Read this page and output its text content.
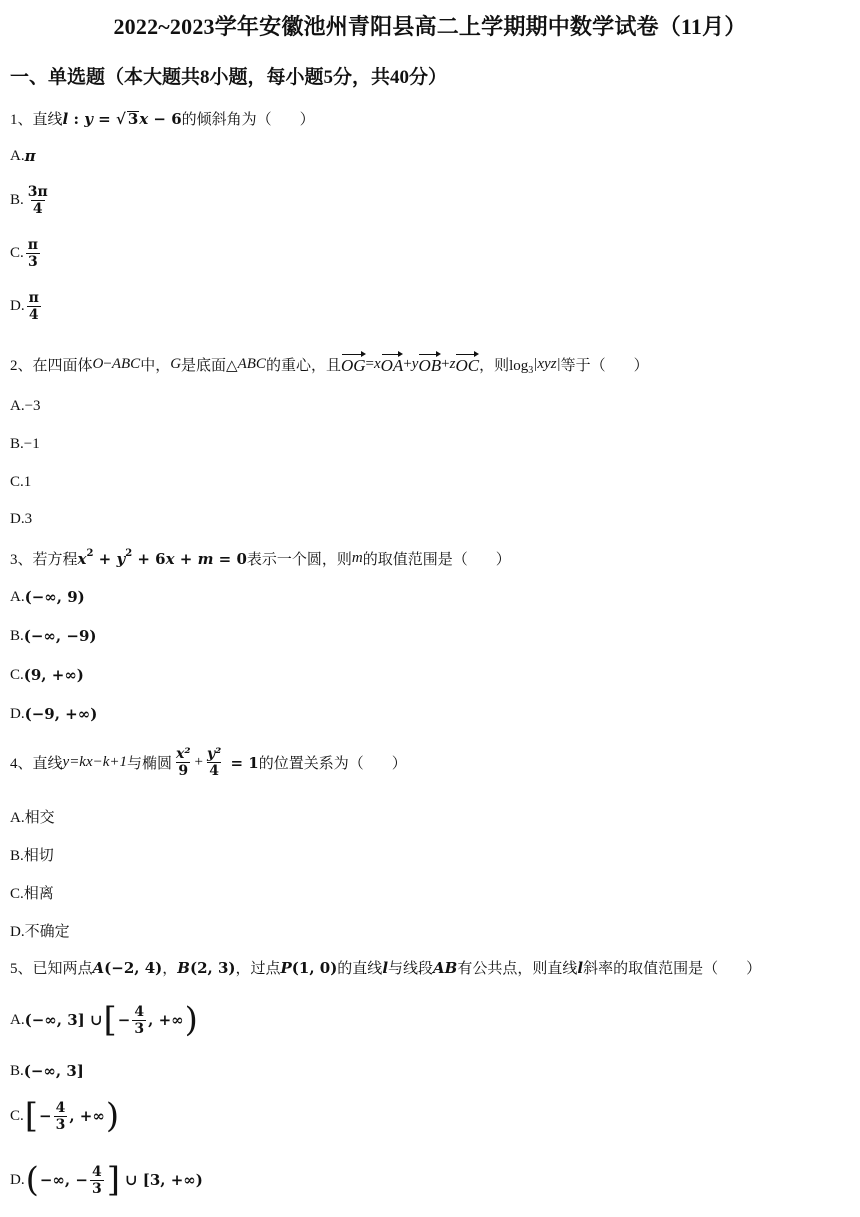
2022~2023学年安徽池州青阳县高二上学期期中数学试卷（11月）
一、单选题（本大题共8小题，每小题5分，共40分）
1、 直线 l : y = √ 3 x − 6 的倾斜角为（ ）
A. π
B. $\frac{3\pi}{4}$
C. $\frac{\pi}{3}$
D. $\frac{\pi}{4}$
2、 在四面体 O − ABC 中， G 是底面△ ABC 的重心，且 OG = x OA + y OB + z OC ，则$\log_3 |xyz|$ 等于（ ）
A.−3
B.−1
C.1
D.3
3、 若方程 $x^2 + y^2 + 6$ x + m = 0 表示一个圆，则 m 的取值范围是（ ）
A. (−∞, 9)
B. (−∞, −9)
C. (9, +∞)
D. (−9, +∞)
4、 直线 y=kx−k+1 与椭圆 $\frac{\text{x²}}{9} + \frac{\text{y²}}{4} = 1$ 的位置关系为（ ）
A.相交
B.相切
C.相离
D.不确定
5、 已知两点 A (−2, 4) ， B (2, 3) ，过点 P (1, 0) 的直线 l 与线段 AB 有公共点，则直线 l 斜率的取值范围是（ ）
A. (−∞, 3] ∪ [ − $\frac{4}{3}$ , +∞ )
B. (−∞, 3]
C. [ − $\frac{4}{3}$ , +∞ )
D. ( −∞, − $\frac{4}{3}$ ] ∪ [3, +∞)
